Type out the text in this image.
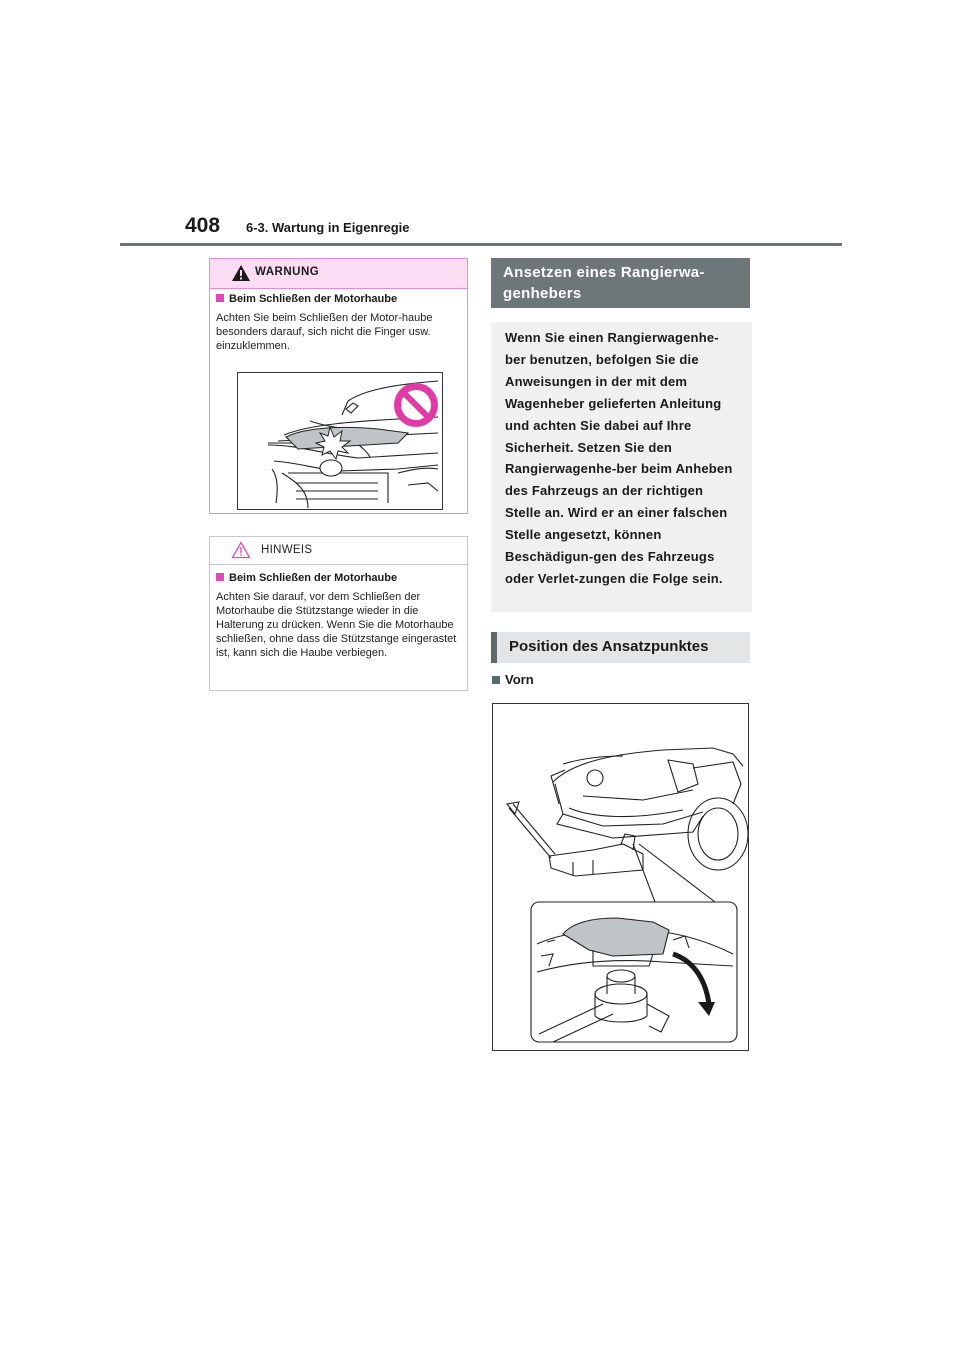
408 6-3. Wartung in Eigenregie
WARNUNG
Beim Schließen der Motorhaube
Achten Sie beim Schließen der Motor-haube besonders darauf, sich nicht die Finger usw. einzuklemmen.
HINWEIS
Beim Schließen der Motorhaube
Achten Sie darauf, vor dem Schließen der Motorhaube die Stützstange wieder in die Halterung zu drücken. Wenn Sie die Motorhaube schließen, ohne dass die Stützstange eingerastet ist, kann sich die Haube verbiegen.
Ansetzen eines Rangierwa-genhebers
Wenn Sie einen Rangierwagenhe-ber benutzen, befolgen Sie die Anweisungen in der mit dem Wagenheber gelieferten Anleitung und achten Sie dabei auf Ihre Sicherheit. Setzen Sie den Rangierwagenhe-ber beim Anheben des Fahrzeugs an der richtigen Stelle an. Wird er an einer falschen Stelle angesetzt, können Beschädigun-gen des Fahrzeugs oder Verlet-zungen die Folge sein.
Position des Ansatzpunktes
Vorn
